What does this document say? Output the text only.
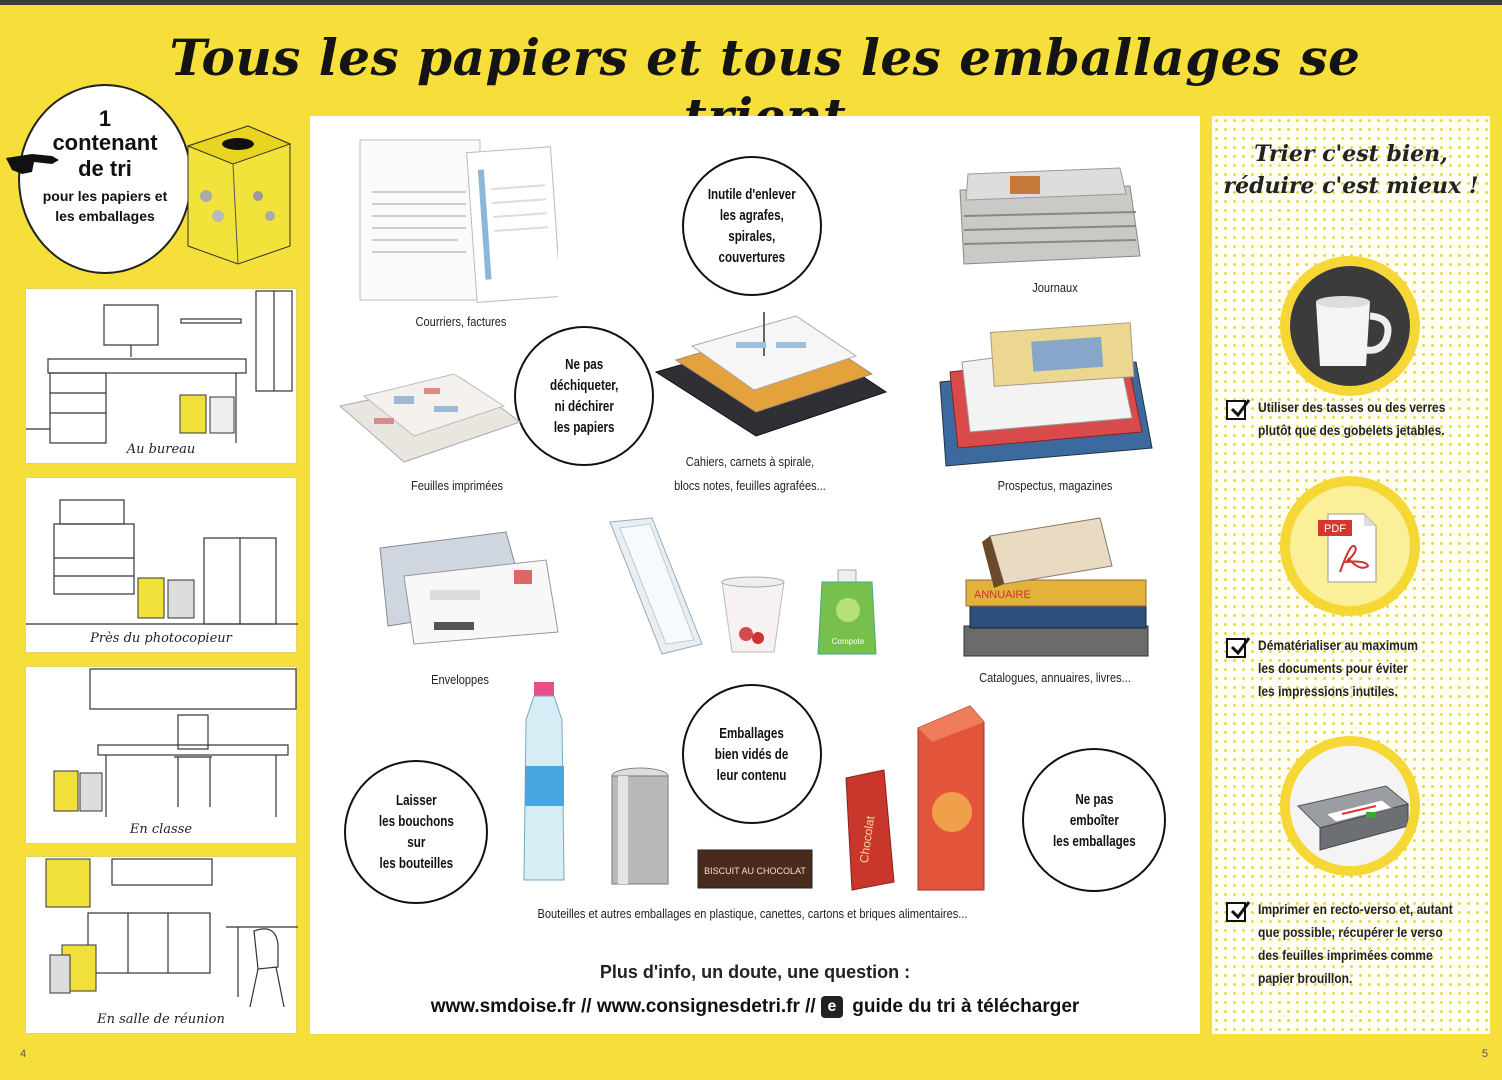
Tous les papiers et tous les emballages se
1
contenant
de tri
pour les papiers et
les emballages
Au bureau
Près du photocopieur
En classe
En salle de réunion
Courriers, factures
Inutile d'enlever
les agrafes,
spirales,
couvertures
Journaux
Ne pas
déchiqueter,
ni déchirer
les papiers
Feuilles imprimées
Cahiers, carnets à spirale,
blocs notes, feuilles agrafées...	Prospectus, magazines
Enveloppes
Compote
ANNUAIRE
Catalogues, annuaires, livres...
BISCUIT AU CHOCOLAT
Chocolat
Emballages
bien vidés de
leur contenu
Laisser
les bouchons
sur
les bouteilles
Ne pas
emboîter
les emballages
Bouteilles et autres emballages en plastique, canettes, cartons et briques alimentaires...
Plus d'info, un doute, une question :
www.smdoise.fr // www.consignesdetri.fr // e guide du tri à télécharger
Trier c'est bien,
réduire c'est mieux !
Utiliser des tasses ou des verres
plutôt que des gobelets jetables.
PDF
Dématérialiser au maximum
les documents pour éviter
les impressions inutiles.
Imprimer en recto-verso et, autant
que possible, récupérer le verso
des feuilles imprimées comme
papier brouillon.
4	5
